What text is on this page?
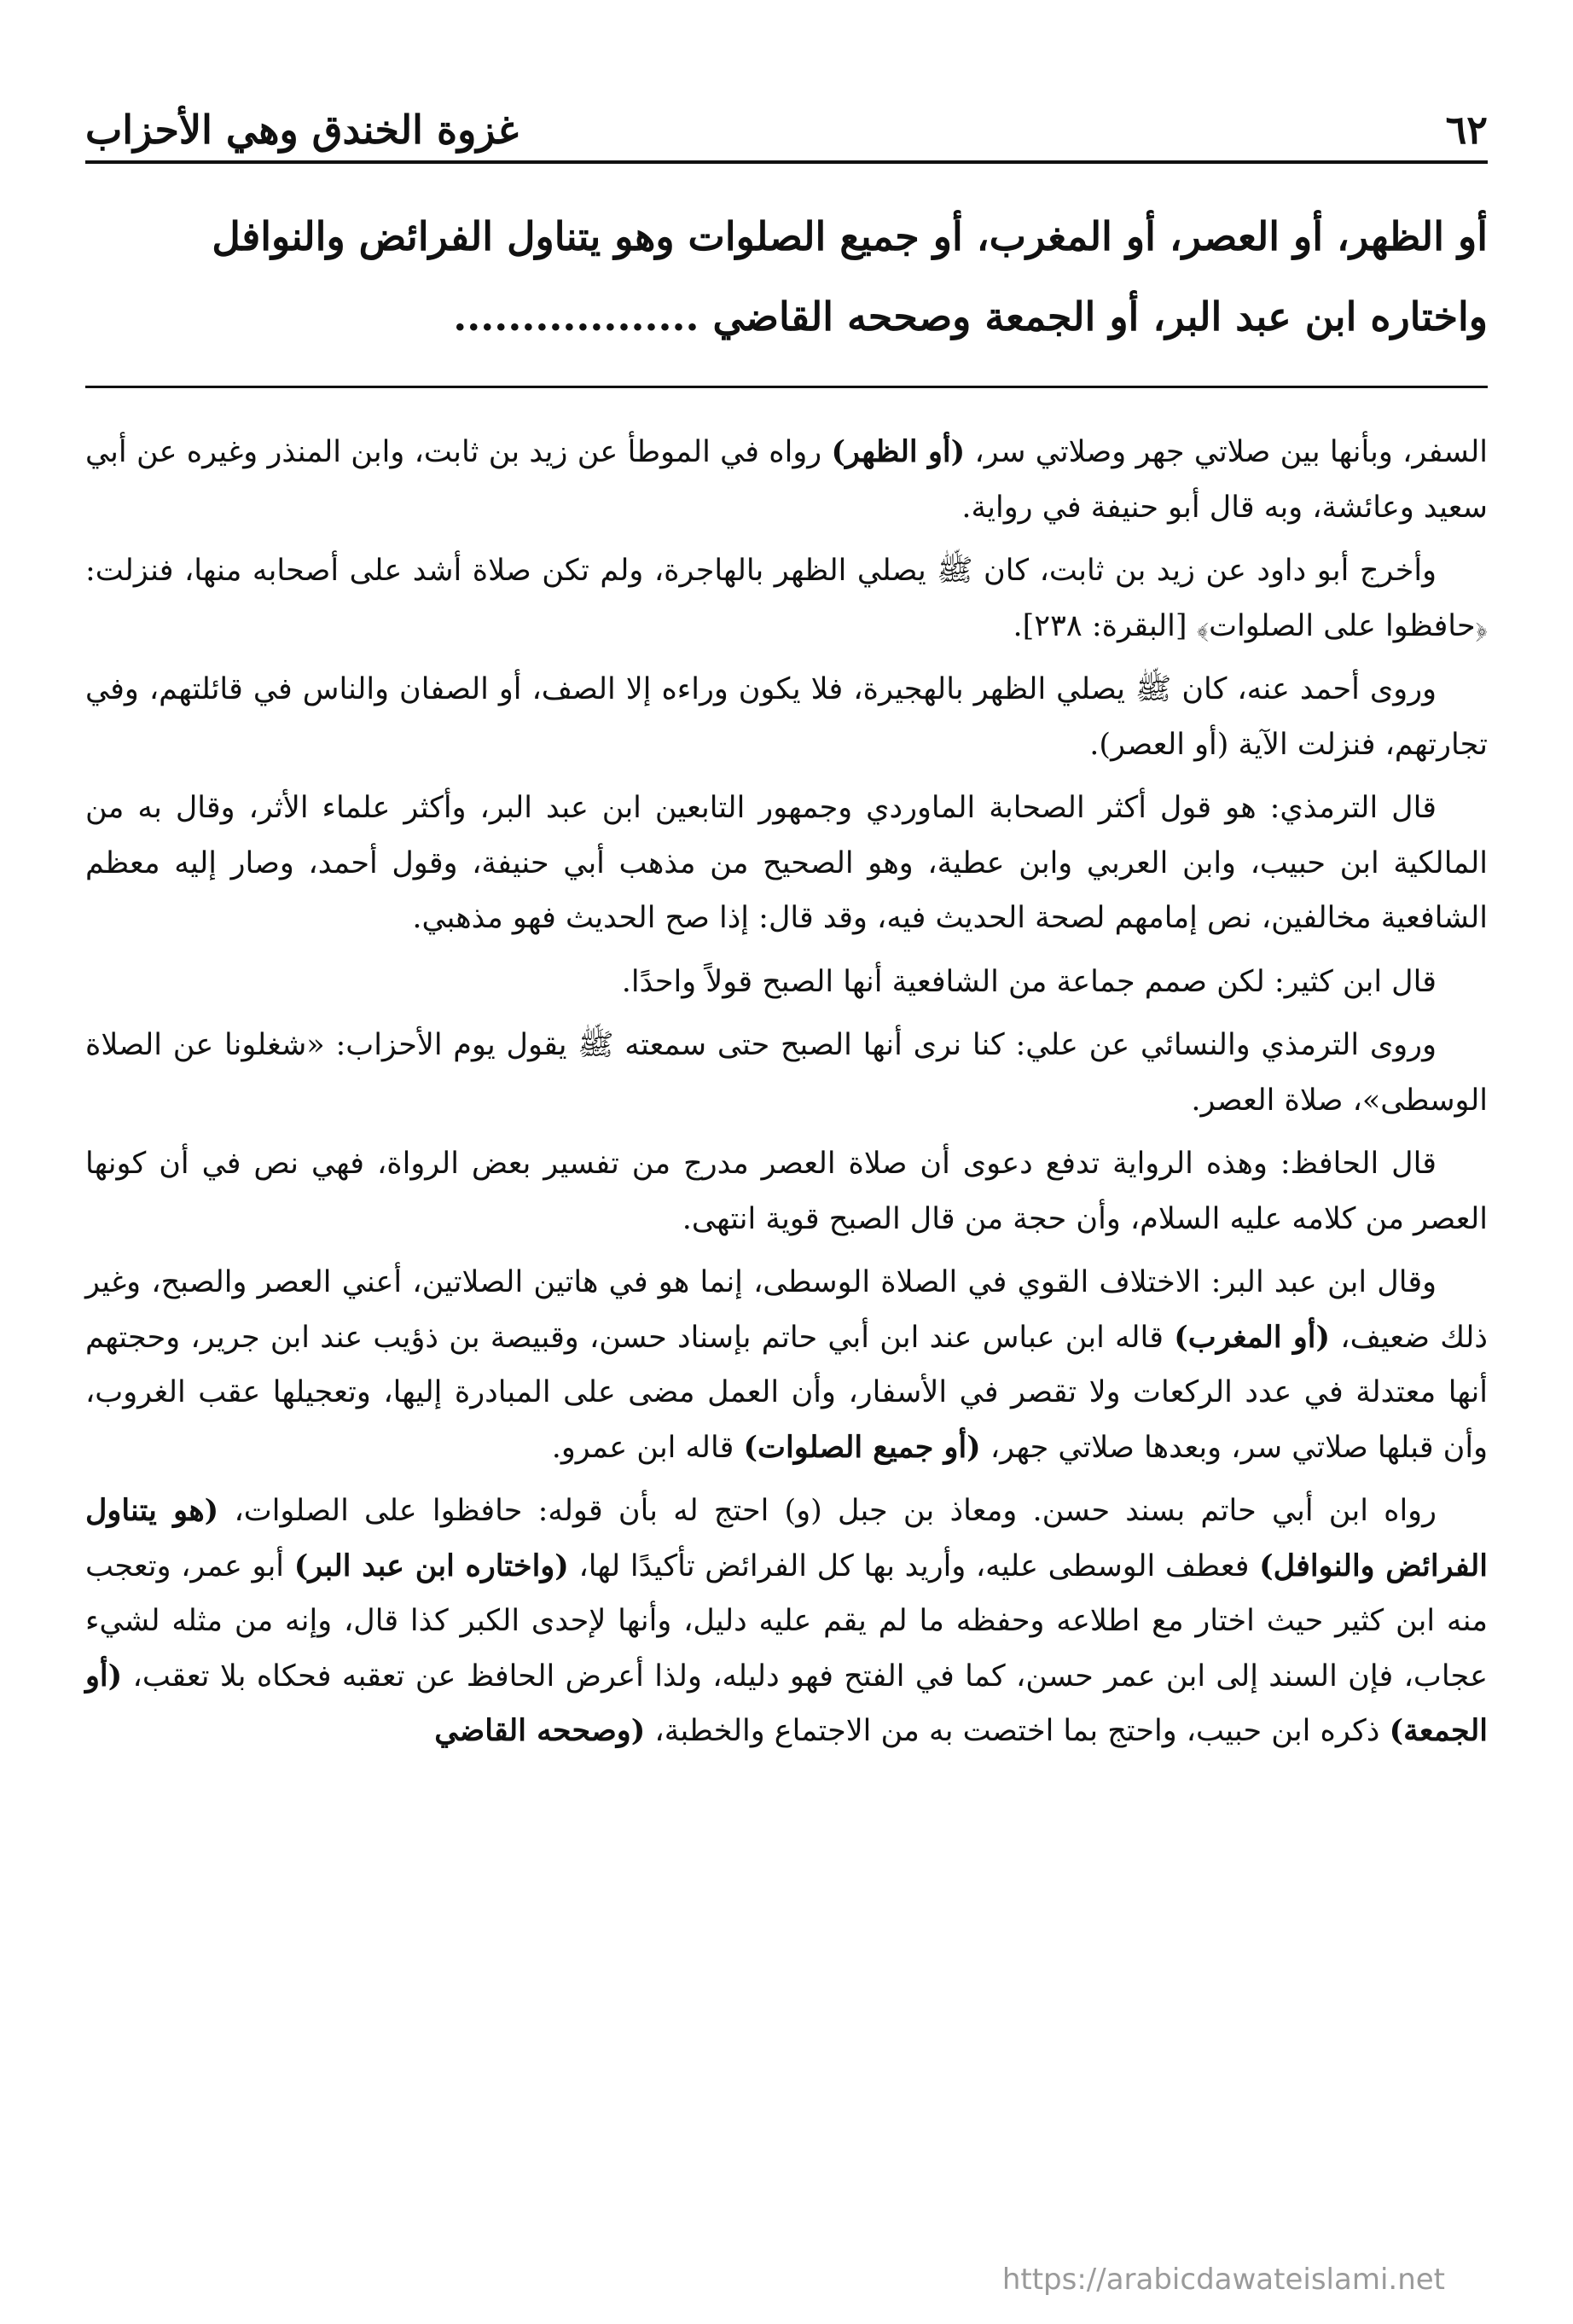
٦٢
غزوة الخندق وهي الأحزاب

أو الظهر، أو العصر، أو المغرب، أو جميع الصلوات وهو يتناول الفرائض والنوافل

واختاره ابن عبد البر، أو الجمعة وصححه القاضي ..................

السفر، وبأنها بين صلاتي جهر وصلاتي سر، (أو الظهر) رواه في الموطأ عن زيد بن ثابت، وابن المنذر وغيره عن أبي سعيد وعائشة، وبه قال أبو حنيفة في رواية.

وأخرج أبو داود عن زيد بن ثابت، كان ﷺ يصلي الظهر بالهاجرة، ولم تكن صلاة أشد على أصحابه منها، فنزلت: ﴿حافظوا على الصلوات﴾ [البقرة: ٢٣٨].

وروى أحمد عنه، كان ﷺ يصلي الظهر بالهجيرة، فلا يكون وراءه إلا الصف، أو الصفان والناس في قائلتهم، وفي تجارتهم، فنزلت الآية (أو العصر).

قال الترمذي: هو قول أكثر الصحابة الماوردي وجمهور التابعين ابن عبد البر، وأكثر علماء الأثر، وقال به من المالكية ابن حبيب، وابن العربي وابن عطية، وهو الصحيح من مذهب أبي حنيفة، وقول أحمد، وصار إليه معظم الشافعية مخالفين، نص إمامهم لصحة الحديث فيه، وقد قال: إذا صح الحديث فهو مذهبي.

قال ابن كثير: لكن صمم جماعة من الشافعية أنها الصبح قولاً واحدًا.

وروى الترمذي والنسائي عن علي: كنا نرى أنها الصبح حتى سمعته ﷺ يقول يوم الأحزاب: «شغلونا عن الصلاة الوسطى»، صلاة العصر.

قال الحافظ: وهذه الرواية تدفع دعوى أن صلاة العصر مدرج من تفسير بعض الرواة، فهي نص في أن كونها العصر من كلامه عليه السلام، وأن حجة من قال الصبح قوية انتهى.

وقال ابن عبد البر: الاختلاف القوي في الصلاة الوسطى، إنما هو في هاتين الصلاتين، أعني العصر والصبح، وغير ذلك ضعيف، (أو المغرب) قاله ابن عباس عند ابن أبي حاتم بإسناد حسن، وقبيصة بن ذؤيب عند ابن جرير، وحجتهم أنها معتدلة في عدد الركعات ولا تقصر في الأسفار، وأن العمل مضى على المبادرة إليها، وتعجيلها عقب الغروب، وأن قبلها صلاتي سر، وبعدها صلاتي جهر، (أو جميع الصلوات) قاله ابن عمرو.

رواه ابن أبي حاتم بسند حسن. ومعاذ بن جبل (و) احتج له بأن قوله: حافظوا على الصلوات، (هو يتناول الفرائض والنوافل) فعطف الوسطى عليه، وأريد بها كل الفرائض تأكيدًا لها، (واختاره ابن عبد البر) أبو عمر، وتعجب منه ابن كثير حيث اختار مع اطلاعه وحفظه ما لم يقم عليه دليل، وأنها لإحدى الكبر كذا قال، وإنه من مثله لشيء عجاب، فإن السند إلى ابن عمر حسن، كما في الفتح فهو دليله، ولذا أعرض الحافظ عن تعقبه فحكاه بلا تعقب، (أو الجمعة) ذكره ابن حبيب، واحتج بما اختصت به من الاجتماع والخطبة، (وصححه القاضي

https://arabicdawateislami.net
